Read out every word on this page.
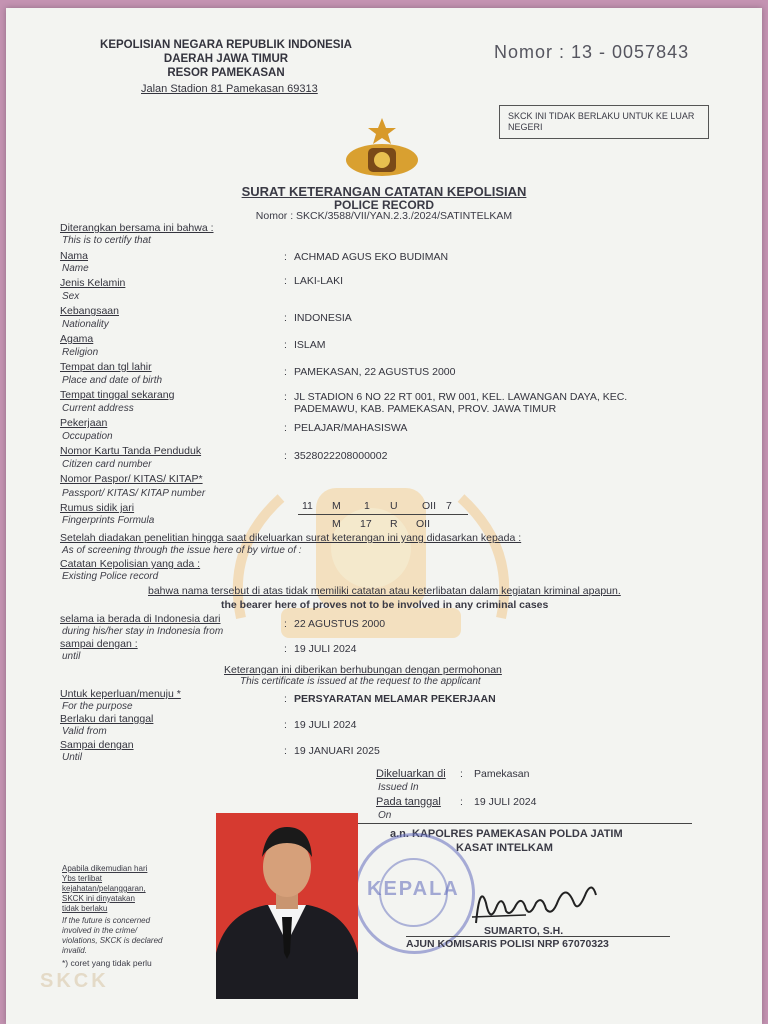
KEPOLISIAN NEGARA REPUBLIK INDONESIA
DAERAH JAWA TIMUR
RESOR PAMEKASAN
Jalan Stadion 81 Pamekasan 69313
Nomor : 13 - 0057843
SKCK INI TIDAK BERLAKU UNTUK KE LUAR NEGERI
SURAT KETERANGAN CATATAN KEPOLISIAN
POLICE RECORD
Nomor : SKCK/3588/VII/YAN.2.3./2024/SATINTELKAM
Diterangkan bersama ini bahwa :
This is to certify that
Nama
Name
: ACHMAD AGUS EKO BUDIMAN
Jenis Kelamin
Sex
: LAKI-LAKI
Kebangsaan
Nationality
: INDONESIA
Agama
Religion
: ISLAM
Tempat dan tgl lahir
Place and date of birth
: PAMEKASAN, 22 AGUSTUS 2000
Tempat tinggal sekarang
Current address
: JL STADION 6 NO 22 RT 001, RW 001, KEL. LAWANGAN DAYA, KEC.
PADEMAWU, KAB. PAMEKASAN, PROV. JAWA TIMUR
Pekerjaan
Occupation
: PELAJAR/MAHASISWA
Nomor Kartu Tanda Penduduk
Citizen card number
: 3528022208000002
Nomor Paspor/ KITAS/ KITAP*
Passport/ KITAS/ KITAP number
Rumus sidik jari
Fingerprints Formula
11 M 1 U OII 7
M 17 R OII
Setelah diadakan penelitian hingga saat dikeluarkan surat keterangan ini yang didasarkan kepada :
As of screening through the issue here of by virtue of :
Catatan Kepolisian yang ada :
Existing Police record
bahwa nama tersebut di atas tidak memiliki catatan atau keterlibatan dalam kegiatan kriminal apapun.
the bearer here of proves not to be involved in any criminal cases
selama ia berada di Indonesia dari
during his/her stay in Indonesia from
: 22 AGUSTUS 2000
sampai dengan :
until
: 19 JULI 2024
Keterangan ini diberikan berhubungan dengan permohonan
This certificate is issued at the request to the applicant
Untuk keperluan/menuju *
For the purpose
: PERSYARATAN MELAMAR PEKERJAAN
Berlaku dari tanggal
Valid from
: 19 JULI 2024
Sampai dengan
Until
: 19 JANUARI 2025
Dikeluarkan di
Issued In
: Pamekasan
Pada tanggal
On
: 19 JULI 2024
a.n. KAPOLRES PAMEKASAN POLDA JATIM
KASAT INTELKAM
KEPALA
SUMARTO, S.H.
AJUN KOMISARIS POLISI NRP 67070323
Apabila dikemudian hari
Ybs terlibat
kejahatan/pelanggaran,
SKCK ini dinyatakan
tidak berlaku
If the future is concerned
involved in the crime/
violations, SKCK is declared
invalid.
*) coret yang tidak perlu
SKCK
